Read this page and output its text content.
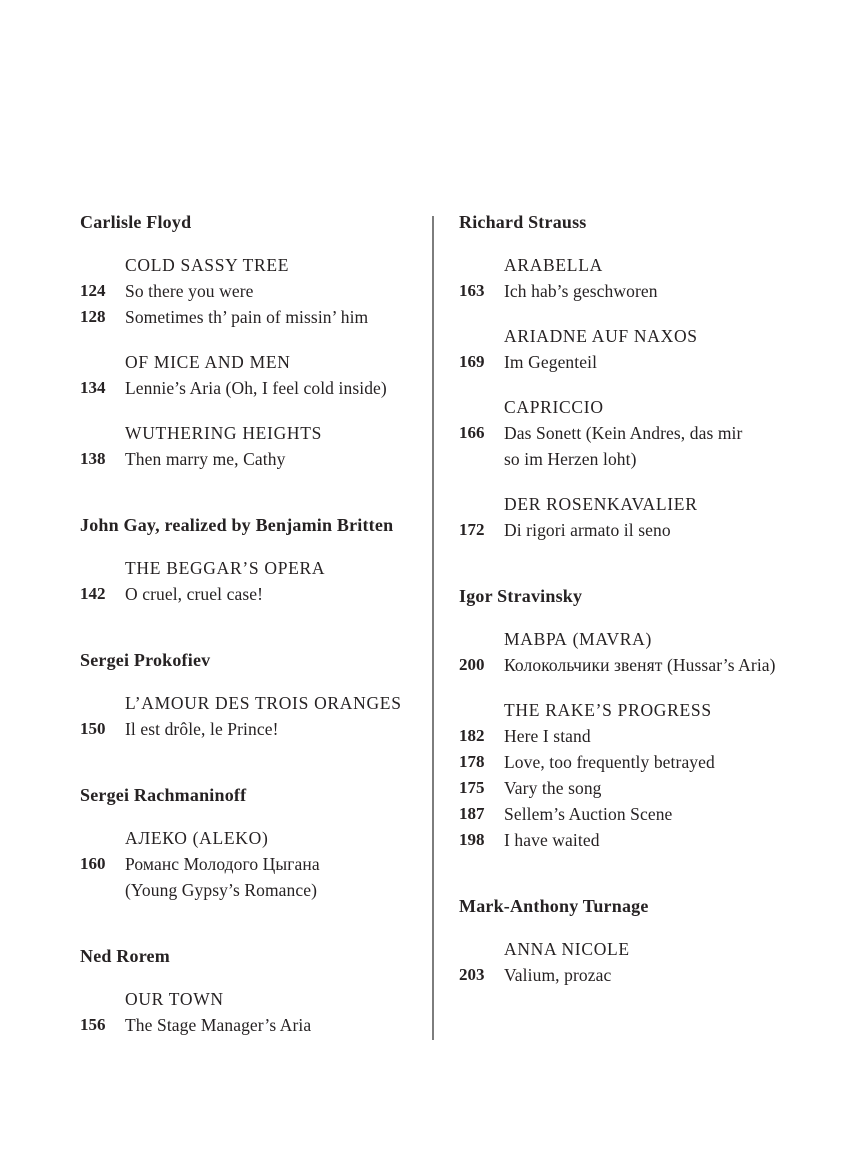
Carlisle Floyd
COLD SASSY TREE
124	So there you were
128	Sometimes th’ pain of missin’ him
OF MICE AND MEN
134	Lennie’s Aria (Oh, I feel cold inside)
WUTHERING HEIGHTS
138	Then marry me, Cathy
John Gay, realized by Benjamin Britten
THE BEGGAR’S OPERA
142	O cruel, cruel case!
Sergei Prokofiev
L’AMOUR DES TROIS ORANGES
150	Il est drôle, le Prince!
Sergei Rachmaninoff
АЛЕКО (ALEKO)
160	Романс Молодого Цыгана
(Young Gypsy’s Romance)
Ned Rorem
OUR TOWN
156	The Stage Manager’s Aria
Richard Strauss
ARABELLA
163	Ich hab’s geschworen
ARIADNE AUF NAXOS
169	Im Gegenteil
CAPRICCIO
166	Das Sonett (Kein Andres, das mir
so im Herzen loht)
DER ROSENKAVALIER
172	Di rigori armato il seno
Igor Stravinsky
МАВРА (MAVRA)
200	Колокольчики звенят (Hussar’s Aria)
THE RAKE’S PROGRESS
182	Here I stand
178	Love, too frequently betrayed
175	Vary the song
187	Sellem’s Auction Scene
198	I have waited
Mark-Anthony Turnage
ANNA NICOLE
203	Valium, prozac
